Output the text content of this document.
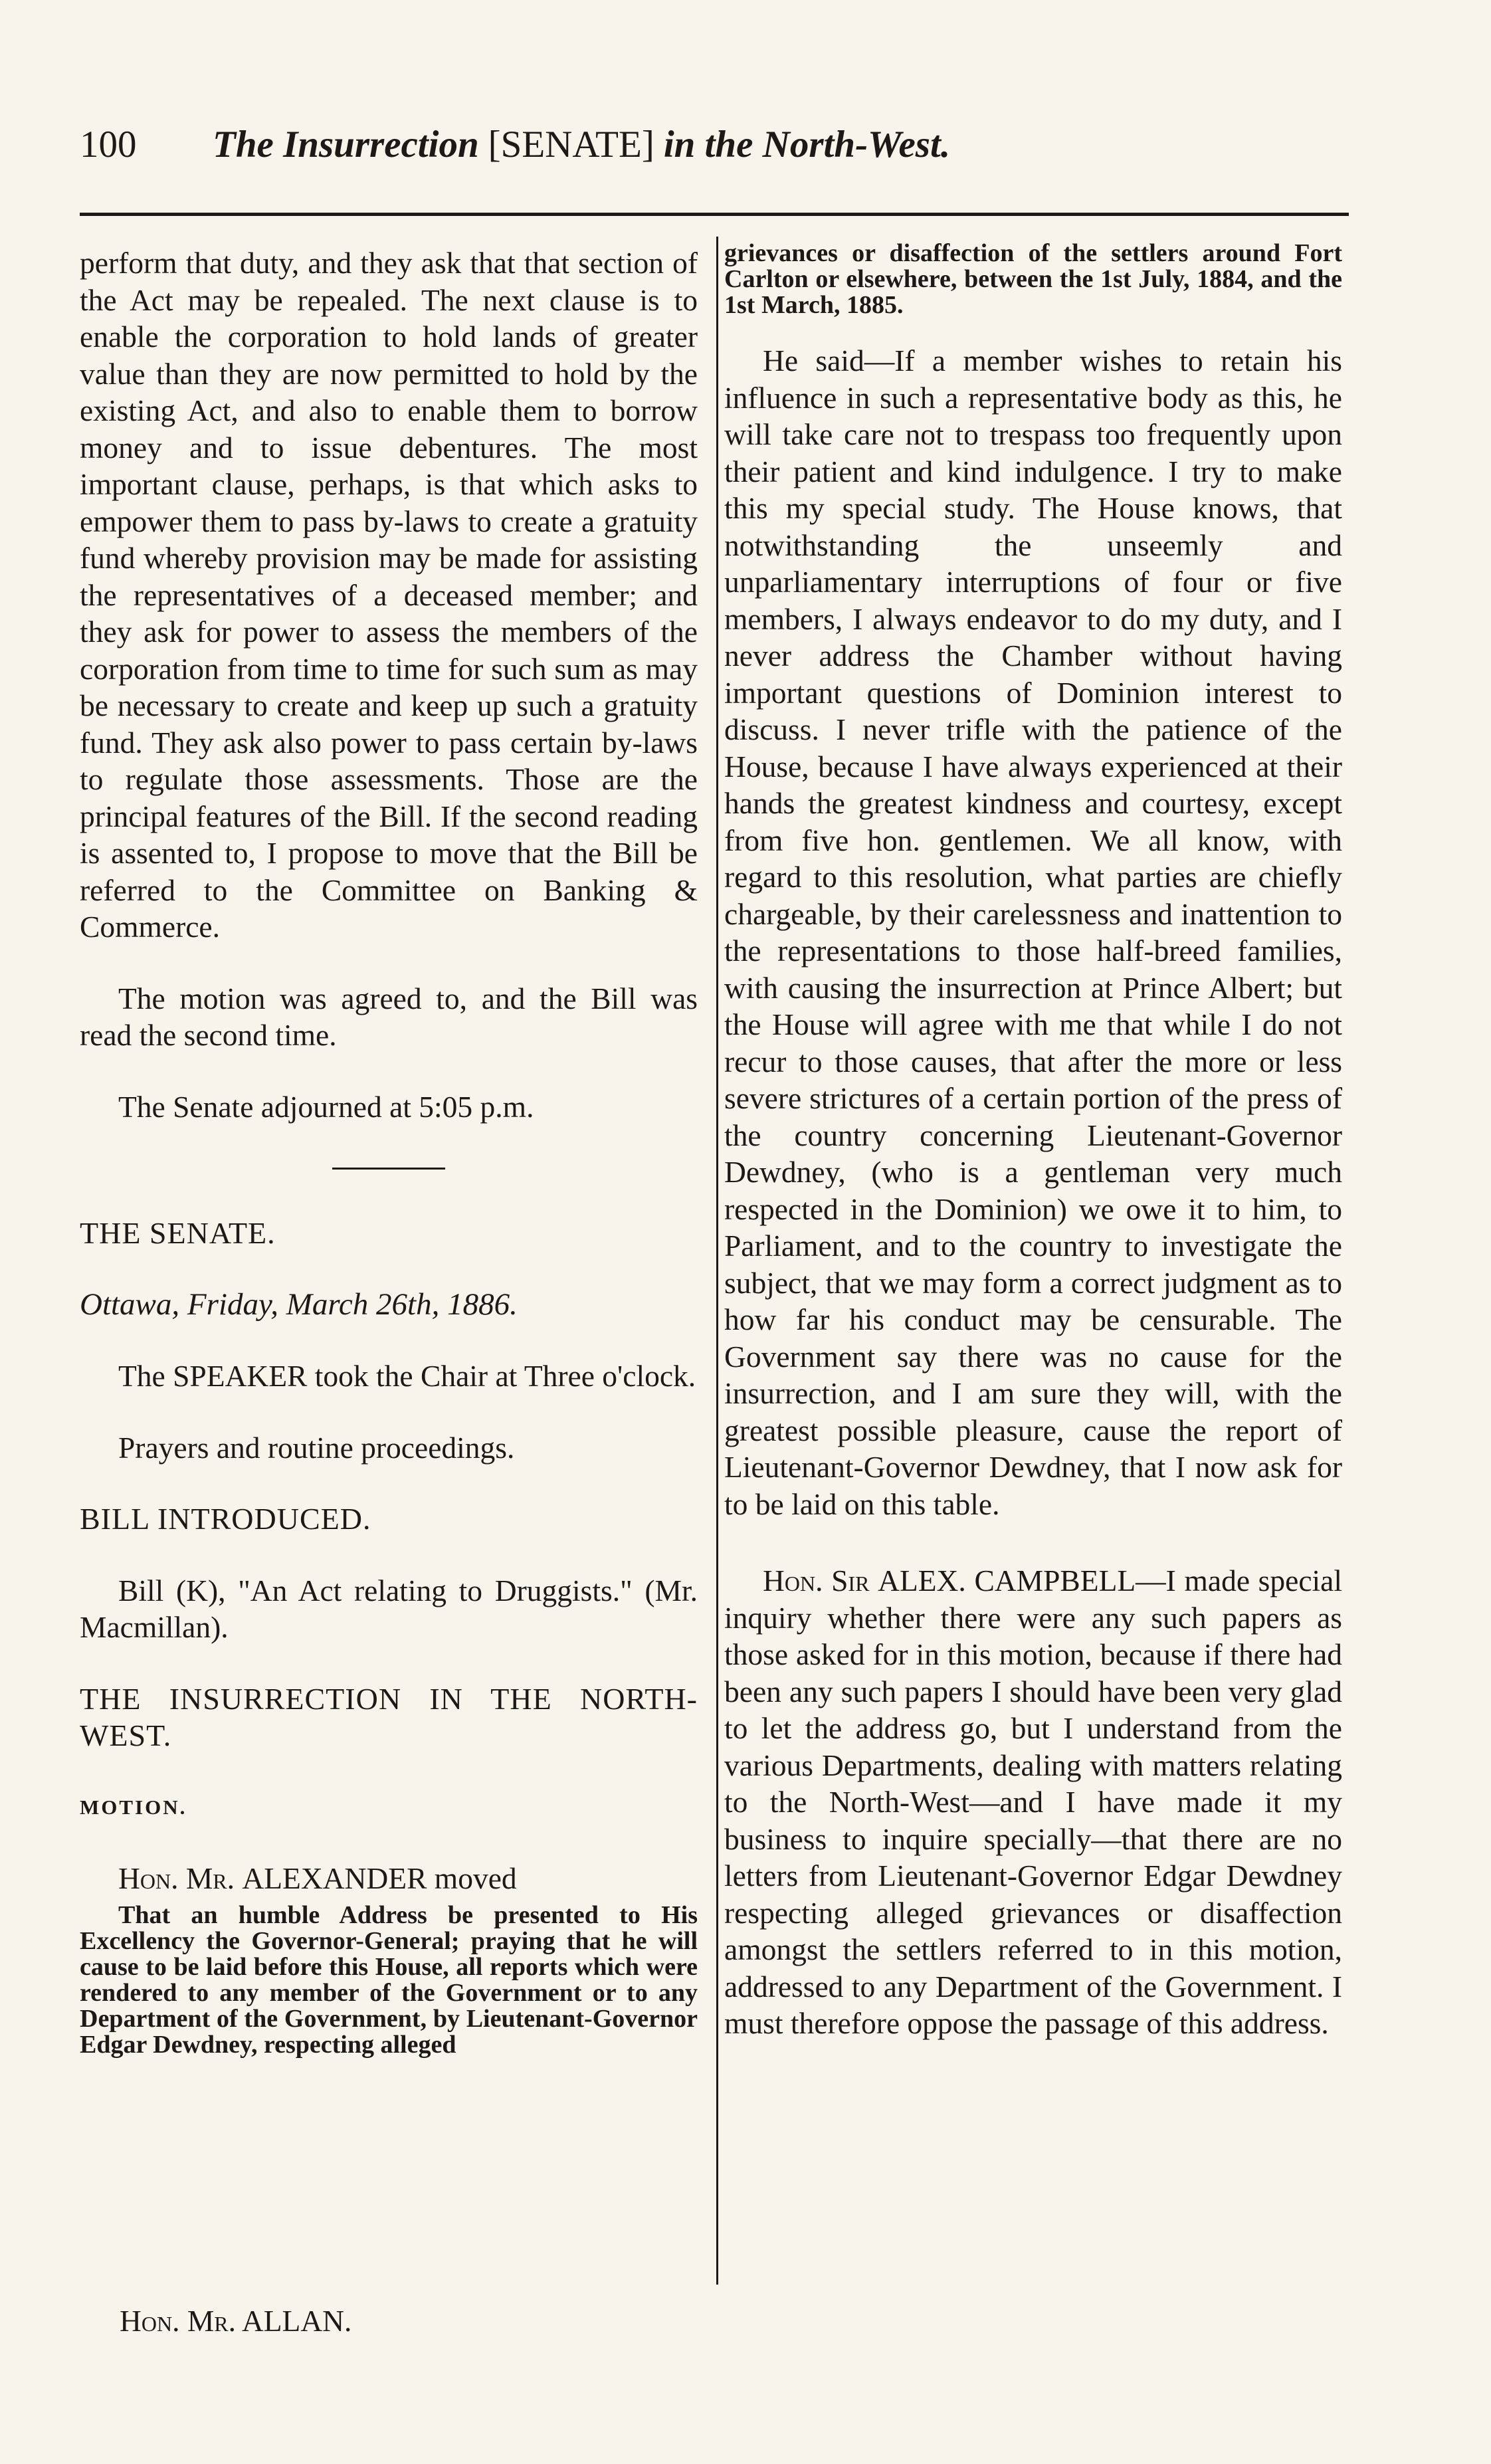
100	The Insurrection [SENATE] in the North-West.

perform that duty, and they ask that that section of the Act may be repealed. The next clause is to enable the corporation to hold lands of greater value than they are now permitted to hold by the existing Act, and also to enable them to borrow money and to issue debentures. The most important clause, perhaps, is that which asks to empower them to pass by-laws to create a gratuity fund whereby provision may be made for assisting the representatives of a deceased member; and they ask for power to assess the members of the corporation from time to time for such sum as may be necessary to create and keep up such a gratuity fund. They ask also power to pass certain by-laws to regulate those assessments. Those are the principal features of the Bill. If the second reading is assented to, I propose to move that the Bill be referred to the Committee on Banking & Commerce.

The motion was agreed to, and the Bill was read the second time.

The Senate adjourned at 5:05 p.m.

THE SENATE.

Ottawa, Friday, March 26th, 1886.

The SPEAKER took the Chair at Three o'clock.

Prayers and routine proceedings.

BILL INTRODUCED.

Bill (K), "An Act relating to Druggists." (Mr. Macmillan).

THE INSURRECTION IN THE NORTH-WEST.

MOTION.

Hon. Mr. ALEXANDER moved

That an humble Address be presented to His Excellency the Governor-General; praying that he will cause to be laid before this House, all reports which were rendered to any member of the Government or to any Department of the Government, by Lieutenant-Governor Edgar Dewdney, respecting alleged

grievances or disaffection of the settlers around Fort Carlton or elsewhere, between the 1st July, 1884, and the 1st March, 1885.

He said—If a member wishes to retain his influence in such a representative body as this, he will take care not to trespass too frequently upon their patient and kind indulgence. I try to make this my special study. The House knows, that notwithstanding the unseemly and unparliamentary interruptions of four or five members, I always endeavor to do my duty, and I never address the Chamber without having important questions of Dominion interest to discuss. I never trifle with the patience of the House, because I have always experienced at their hands the greatest kindness and courtesy, except from five hon. gentlemen. We all know, with regard to this resolution, what parties are chiefly chargeable, by their carelessness and inattention to the representations to those half-breed families, with causing the insurrection at Prince Albert; but the House will agree with me that while I do not recur to those causes, that after the more or less severe strictures of a certain portion of the press of the country concerning Lieutenant-Governor Dewdney, (who is a gentleman very much respected in the Dominion) we owe it to him, to Parliament, and to the country to investigate the subject, that we may form a correct judgment as to how far his conduct may be censurable. The Government say there was no cause for the insurrection, and I am sure they will, with the greatest possible pleasure, cause the report of Lieutenant-Governor Dewdney, that I now ask for to be laid on this table.

Hon. Sir ALEX. CAMPBELL—I made special inquiry whether there were any such papers as those asked for in this motion, because if there had been any such papers I should have been very glad to let the address go, but I understand from the various Departments, dealing with matters relating to the North-West—and I have made it my business to inquire specially—that there are no letters from Lieutenant-Governor Edgar Dewdney respecting alleged grievances or disaffection amongst the settlers referred to in this motion, addressed to any Department of the Government. I must therefore oppose the passage of this address.

Hon. Mr. ALLAN.
